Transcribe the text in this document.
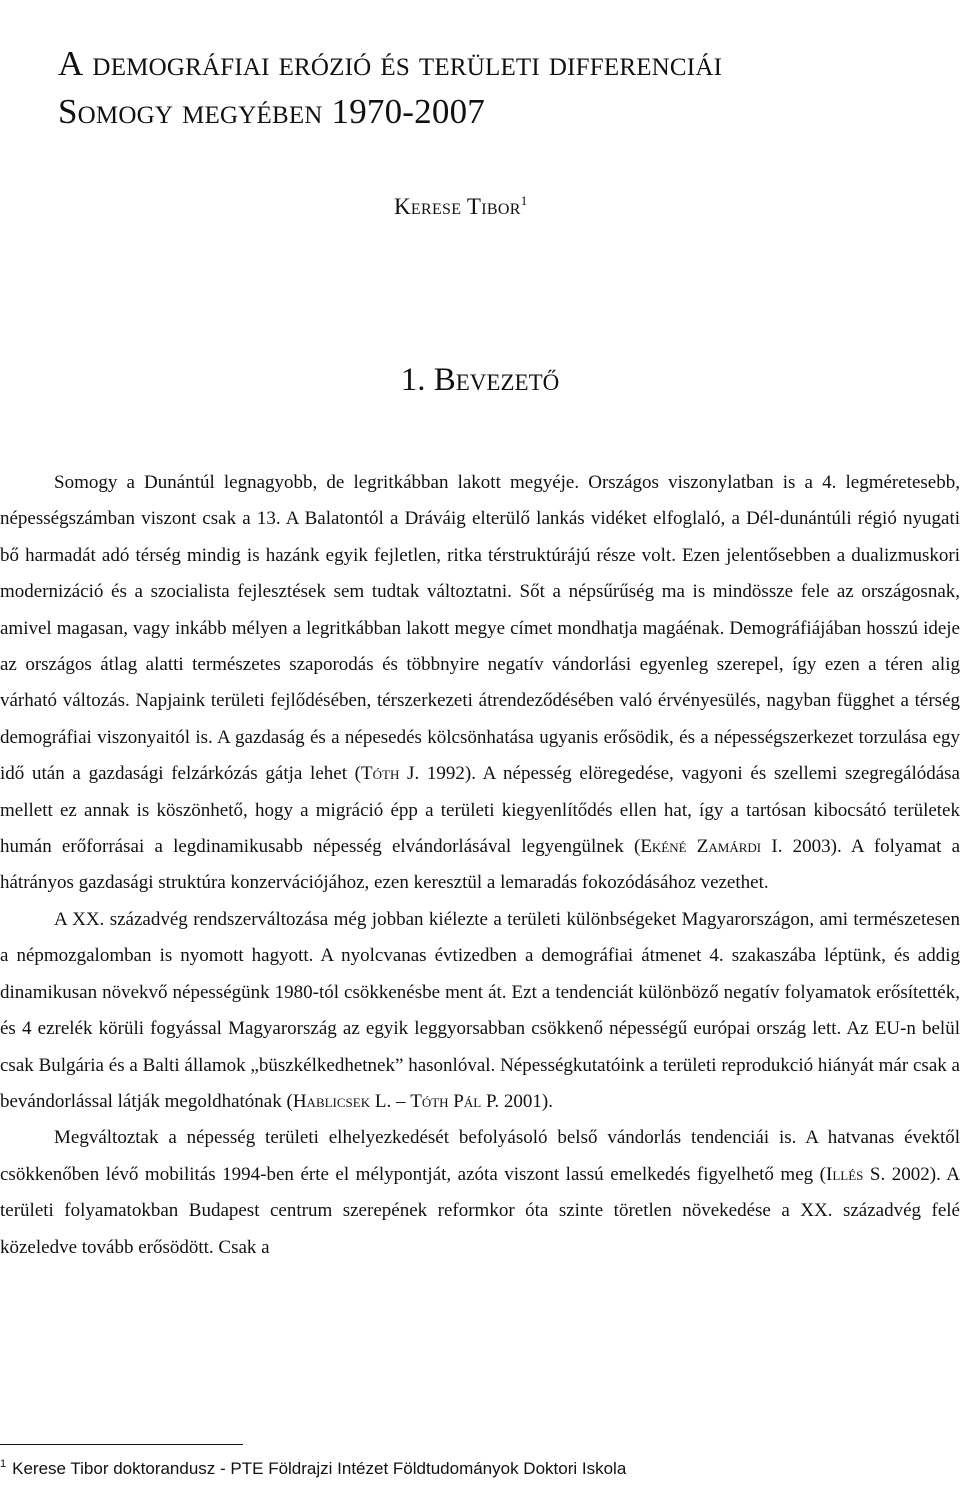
A demográfiai erózió és területi differenciái
Somogy megyében 1970-2007
Kerese Tibor$^1$
1. Bevezető

Somogy a Dunántúl legnagyobb, de legritkábban lakott megyéje. Országos viszonylatban is a 4. legméretesebb, népességszámban viszont csak a 13. A Balatontól a Dráváig elterülő lankás vidéket elfoglaló, a Dél-dunántúli régió nyugati bő harmadát adó térség mindig is hazánk egyik fejletlen, ritka térstruktúrájú része volt. Ezen jelentősebben a dualizmuskori modernizáció és a szocialista fejlesztések sem tudtak változtatni. Sőt a népsűrűség ma is mindössze fele az országosnak, amivel magasan, vagy inkább mélyen a legritkábban lakott megye címet mondhatja magáénak. Demográfiájában hosszú ideje az országos átlag alatti természetes szaporodás és többnyire negatív vándorlási egyenleg szerepel, így ezen a téren alig várható változás. Napjaink területi fejlődésében, térszerkezeti átrendeződésében való érvényesülés, nagyban függhet a térség demográfiai viszonyaitól is. A gazdaság és a népesedés kölcsönhatása ugyanis erősödik, és a népességszerkezet torzulása egy idő után a gazdasági felzárkózás gátja lehet (Tóth J. 1992). A népesség elöregedése, vagyoni és szellemi szegregálódása mellett ez annak is köszönhető, hogy a migráció épp a területi kiegyenlítődés ellen hat, így a tartósan kibocsátó területek humán erőforrásai a legdinamikusabb népesség elvándorlásával legyengülnek (Ekéné Zamárdi I. 2003). A folyamat a hátrányos gazdasági struktúra konzervációjához, ezen keresztül a lemaradás fokozódásához vezethet.

A XX. századvég rendszerváltozása még jobban kiélezte a területi különbségeket Magyarországon, ami természetesen a népmozgalomban is nyomott hagyott. A nyolcvanas évtizedben a demográfiai átmenet 4. szakaszába léptünk, és addig dinamikusan növekvő népességünk 1980-tól csökkenésbe ment át. Ezt a tendenciát különböző negatív folyamatok erősítették, és 4 ezrelék körüli fogyással Magyarország az egyik leggyorsabban csökkenő népességű európai ország lett. Az EU-n belül csak Bulgária és a Balti államok „büszkélkedhetnek” hasonlóval. Népességkutatóink a területi reprodukció hiányát már csak a bevándorlással látják megoldhatónak (Hablicsek L. – Tóth Pál P. 2001).

Megváltoztak a népesség területi elhelyezkedését befolyásoló belső vándorlás tendenciái is. A hatvanas évektől csökkenőben lévő mobilitás 1994-ben érte el mélypontját, azóta viszont lassú emelkedés figyelhető meg (Illés S. 2002). A területi folyamatokban Budapest centrum szerepének reformkor óta szinte töretlen növekedése a XX. századvég felé közeledve tovább erősödött. Csak a

$^1$ Kerese Tibor doktorandusz - PTE Földrajzi Intézet Földtudományok Doktori Iskola
